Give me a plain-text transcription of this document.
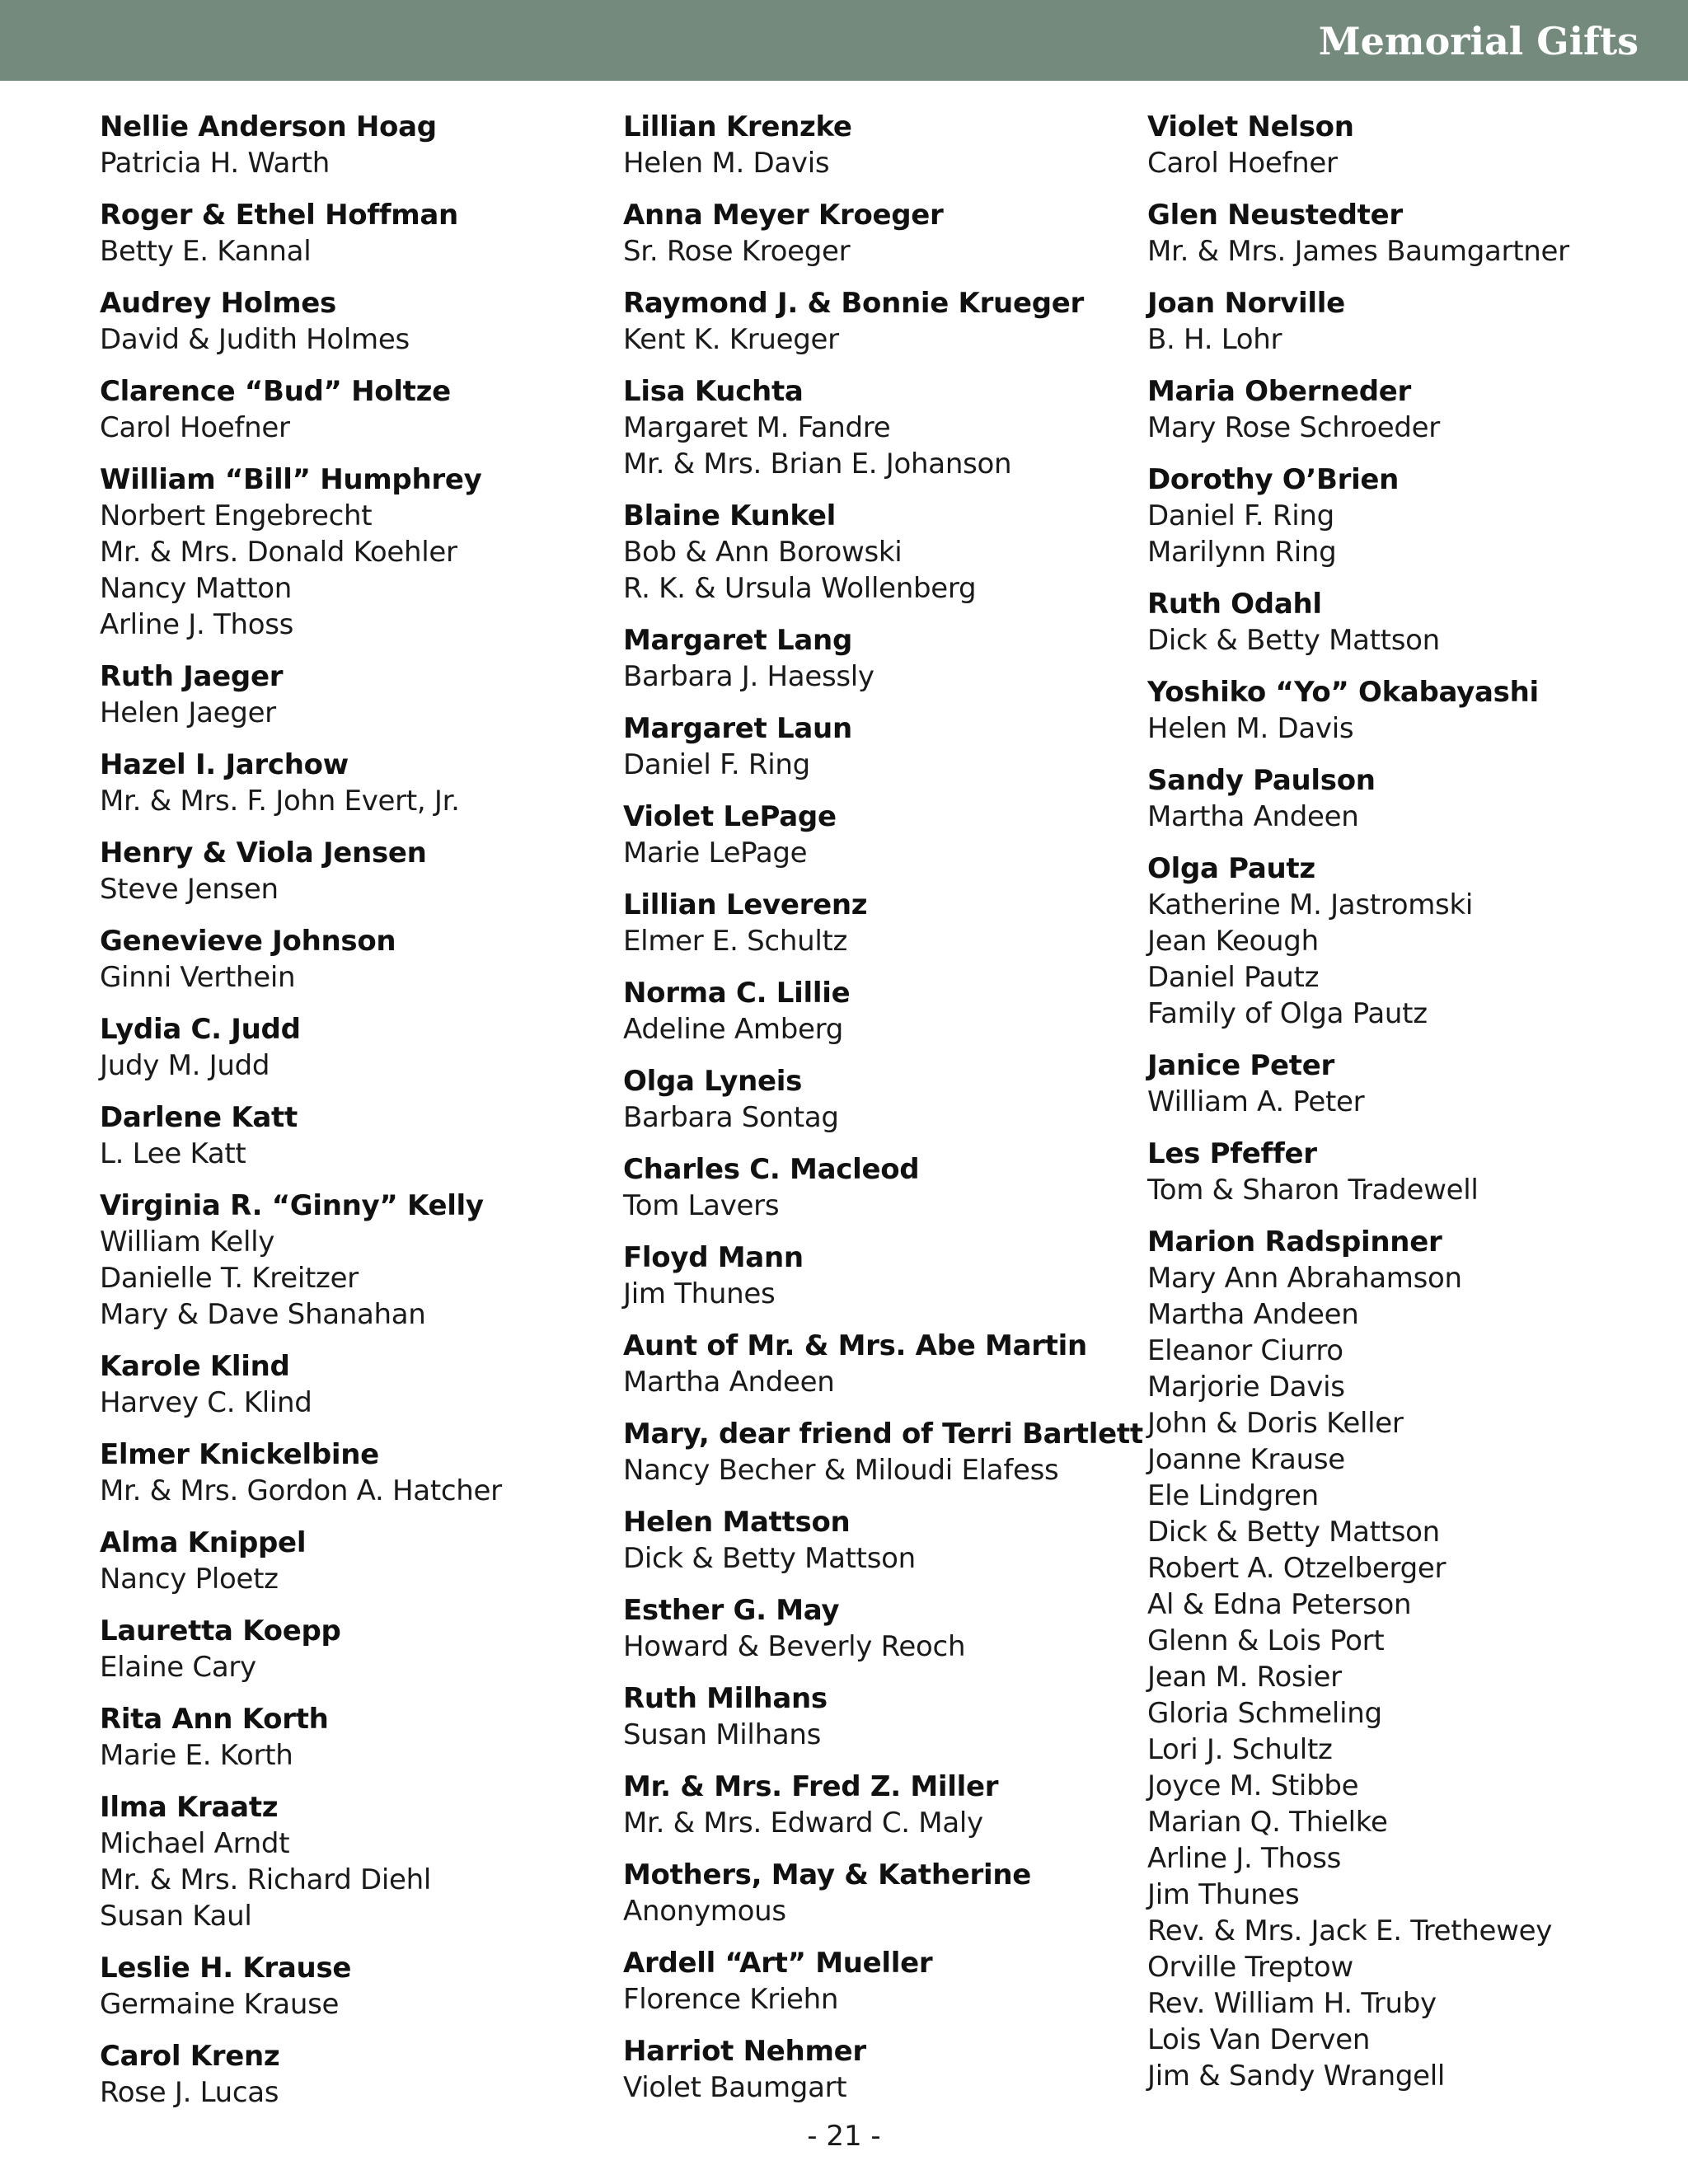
Memorial Gifts
Nellie Anderson Hoag
Patricia H. Warth
Roger & Ethel Hoffman
Betty E. Kannal
Audrey Holmes
David & Judith Holmes
Clarence “Bud” Holtze
Carol Hoefner
William “Bill” Humphrey
Norbert Engebrecht
Mr. & Mrs. Donald Koehler
Nancy Matton
Arline J. Thoss
Ruth Jaeger
Helen Jaeger
Hazel I. Jarchow
Mr. & Mrs. F. John Evert, Jr.
Henry & Viola Jensen
Steve Jensen
Genevieve Johnson
Ginni Verthein
Lydia C. Judd
Judy M. Judd
Darlene Katt
L. Lee Katt
Virginia R. “Ginny” Kelly
William Kelly
Danielle T. Kreitzer
Mary & Dave Shanahan
Karole Klind
Harvey C. Klind
Elmer Knickelbine
Mr. & Mrs. Gordon A. Hatcher
Alma Knippel
Nancy Ploetz
Lauretta Koepp
Elaine Cary
Rita Ann Korth
Marie E. Korth
Ilma Kraatz
Michael Arndt
Mr. & Mrs. Richard Diehl
Susan Kaul
Leslie H. Krause
Germaine Krause
Carol Krenz
Rose J. Lucas
Lillian Krenzke
Helen M. Davis
Anna Meyer Kroeger
Sr. Rose Kroeger
Raymond J. & Bonnie Krueger
Kent K. Krueger
Lisa Kuchta
Margaret M. Fandre
Mr. & Mrs. Brian E. Johanson
Blaine Kunkel
Bob & Ann Borowski
R. K. & Ursula Wollenberg
Margaret Lang
Barbara J. Haessly
Margaret Laun
Daniel F. Ring
Violet LePage
Marie LePage
Lillian Leverenz
Elmer E. Schultz
Norma C. Lillie
Adeline Amberg
Olga Lyneis
Barbara Sontag
Charles C. Macleod
Tom Lavers
Floyd Mann
Jim Thunes
Aunt of Mr. & Mrs. Abe Martin
Martha Andeen
Mary, dear friend of Terri Bartlett
Nancy Becher & Miloudi Elafess
Helen Mattson
Dick & Betty Mattson
Esther G. May
Howard & Beverly Reoch
Ruth Milhans
Susan Milhans
Mr. & Mrs. Fred Z. Miller
Mr. & Mrs. Edward C. Maly
Mothers, May & Katherine
Anonymous
Ardell “Art” Mueller
Florence Kriehn
Harriot Nehmer
Violet Baumgart
Violet Nelson
Carol Hoefner
Glen Neustedter
Mr. & Mrs. James Baumgartner
Joan Norville
B. H. Lohr
Maria Oberneder
Mary Rose Schroeder
Dorothy O’Brien
Daniel F. Ring
Marilynn Ring
Ruth Odahl
Dick & Betty Mattson
Yoshiko “Yo” Okabayashi
Helen M. Davis
Sandy Paulson
Martha Andeen
Olga Pautz
Katherine M. Jastromski
Jean Keough
Daniel Pautz
Family of Olga Pautz
Janice Peter
William A. Peter
Les Pfeffer
Tom & Sharon Tradewell
Marion Radspinner
Mary Ann Abrahamson
Martha Andeen
Eleanor Ciurro
Marjorie Davis
John & Doris Keller
Joanne Krause
Ele Lindgren
Dick & Betty Mattson
Robert A. Otzelberger
Al & Edna Peterson
Glenn & Lois Port
Jean M. Rosier
Gloria Schmeling
Lori J. Schultz
Joyce M. Stibbe
Marian Q. Thielke
Arline J. Thoss
Jim Thunes
Rev. & Mrs. Jack E. Trethewey
Orville Treptow
Rev. William H. Truby
Lois Van Derven
Jim & Sandy Wrangell
- 21 -
